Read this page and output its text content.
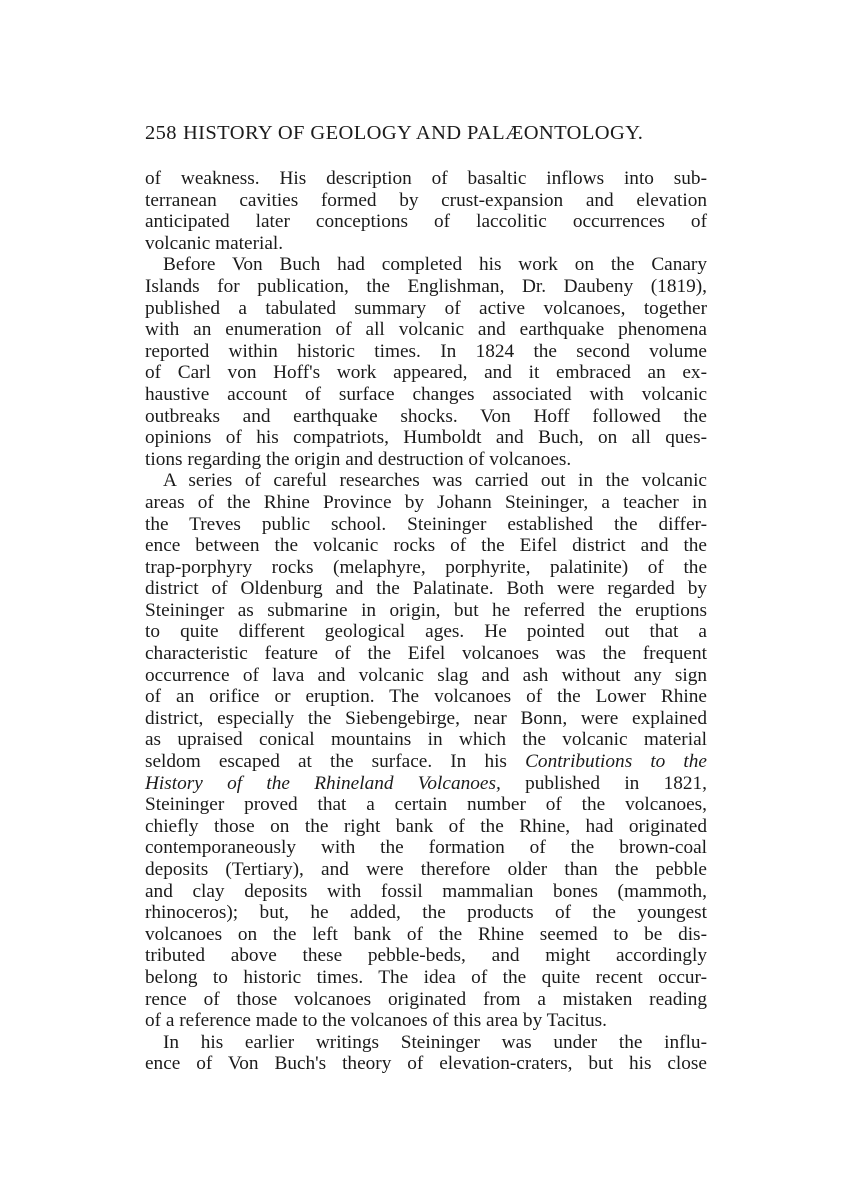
258 HISTORY OF GEOLOGY AND PALÆONTOLOGY.
of weakness. His description of basaltic inflows into sub-
terranean cavities formed by crust-expansion and elevation
anticipated later conceptions of laccolitic occurrences of
volcanic material.
Before Von Buch had completed his work on the Canary
Islands for publication, the Englishman, Dr. Daubeny (1819),
published a tabulated summary of active volcanoes, together
with an enumeration of all volcanic and earthquake phenomena
reported within historic times. In 1824 the second volume
of Carl von Hoff's work appeared, and it embraced an ex-
haustive account of surface changes associated with volcanic
outbreaks and earthquake shocks. Von Hoff followed the
opinions of his compatriots, Humboldt and Buch, on all ques-
tions regarding the origin and destruction of volcanoes.
A series of careful researches was carried out in the volcanic
areas of the Rhine Province by Johann Steininger, a teacher in
the Treves public school. Steininger established the differ-
ence between the volcanic rocks of the Eifel district and the
trap-porphyry rocks (melaphyre, porphyrite, palatinite) of the
district of Oldenburg and the Palatinate. Both were regarded by
Steininger as submarine in origin, but he referred the eruptions
to quite different geological ages. He pointed out that a
characteristic feature of the Eifel volcanoes was the frequent
occurrence of lava and volcanic slag and ash without any sign
of an orifice or eruption. The volcanoes of the Lower Rhine
district, especially the Siebengebirge, near Bonn, were explained
as upraised conical mountains in which the volcanic material
seldom escaped at the surface. In his Contributions to the
History of the Rhineland Volcanoes, published in 1821,
Steininger proved that a certain number of the volcanoes,
chiefly those on the right bank of the Rhine, had originated
contemporaneously with the formation of the brown-coal
deposits (Tertiary), and were therefore older than the pebble
and clay deposits with fossil mammalian bones (mammoth,
rhinoceros); but, he added, the products of the youngest
volcanoes on the left bank of the Rhine seemed to be dis-
tributed above these pebble-beds, and might accordingly
belong to historic times. The idea of the quite recent occur-
rence of those volcanoes originated from a mistaken reading
of a reference made to the volcanoes of this area by Tacitus.
In his earlier writings Steininger was under the influ-
ence of Von Buch's theory of elevation-craters, but his close
